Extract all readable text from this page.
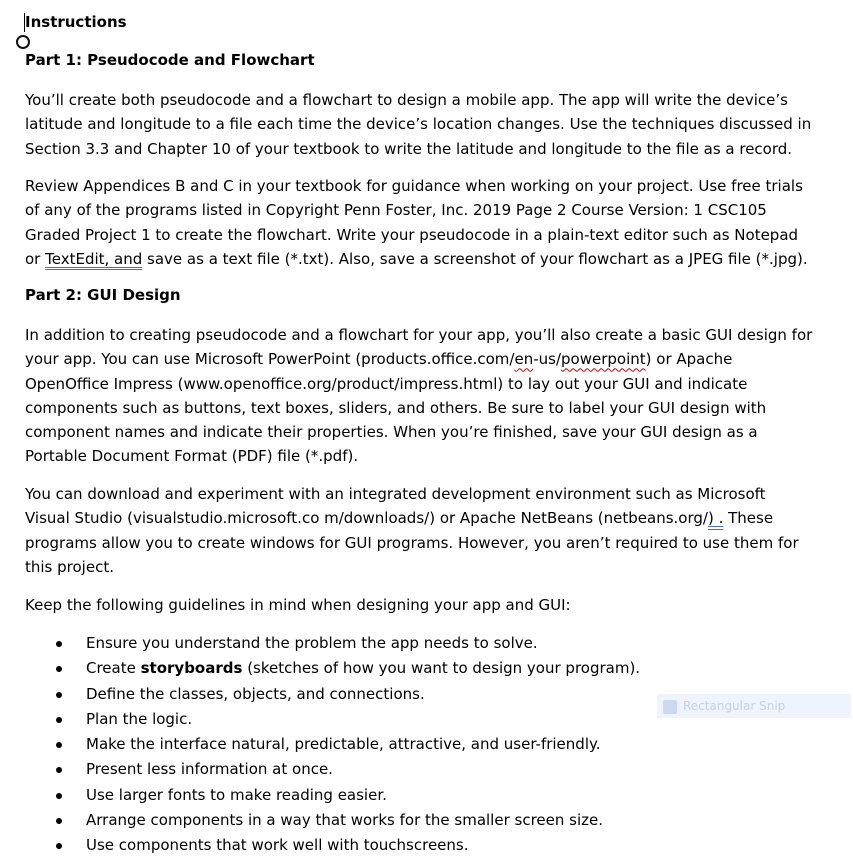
Instructions
Part 1: Pseudocode and Flowchart
You’ll create both pseudocode and a flowchart to design a mobile app. The app will write the device’s
latitude and longitude to a file each time the device’s location changes. Use the techniques discussed in
Section 3.3 and Chapter 10 of your textbook to write the latitude and longitude to the file as a record.
Review Appendices B and C in your textbook for guidance when working on your project. Use free trials
of any of the programs listed in Copyright Penn Foster, Inc. 2019 Page 2 Course Version: 1 CSC105
Graded Project 1 to create the flowchart. Write your pseudocode in a plain-text editor such as Notepad
or TextEdit, and save as a text file (*.txt). Also, save a screenshot of your flowchart as a JPEG file (*.jpg).
Part 2: GUI Design
In addition to creating pseudocode and a flowchart for your app, you’ll also create a basic GUI design for
your app. You can use Microsoft PowerPoint (products.office.com/en-us/powerpoint) or Apache
OpenOffice Impress (www.openoffice.org/product/impress.html) to lay out your GUI and indicate
components such as buttons, text boxes, sliders, and others. Be sure to label your GUI design with
component names and indicate their properties. When you’re finished, save your GUI design as a
Portable Document Format (PDF) file (*.pdf).
You can download and experiment with an integrated development environment such as Microsoft
Visual Studio (visualstudio.microsoft.co m/downloads/) or Apache NetBeans (netbeans.org/) . These
programs allow you to create windows for GUI programs. However, you aren’t required to use them for
this project.
Keep the following guidelines in mind when designing your app and GUI:
Ensure you understand the problem the app needs to solve.
Create storyboards (sketches of how you want to design your program).
Define the classes, objects, and connections.
Plan the logic.
Make the interface natural, predictable, attractive, and user-friendly.
Present less information at once.
Use larger fonts to make reading easier.
Arrange components in a way that works for the smaller screen size.
Use components that work well with touchscreens.
Rectangular Snip
